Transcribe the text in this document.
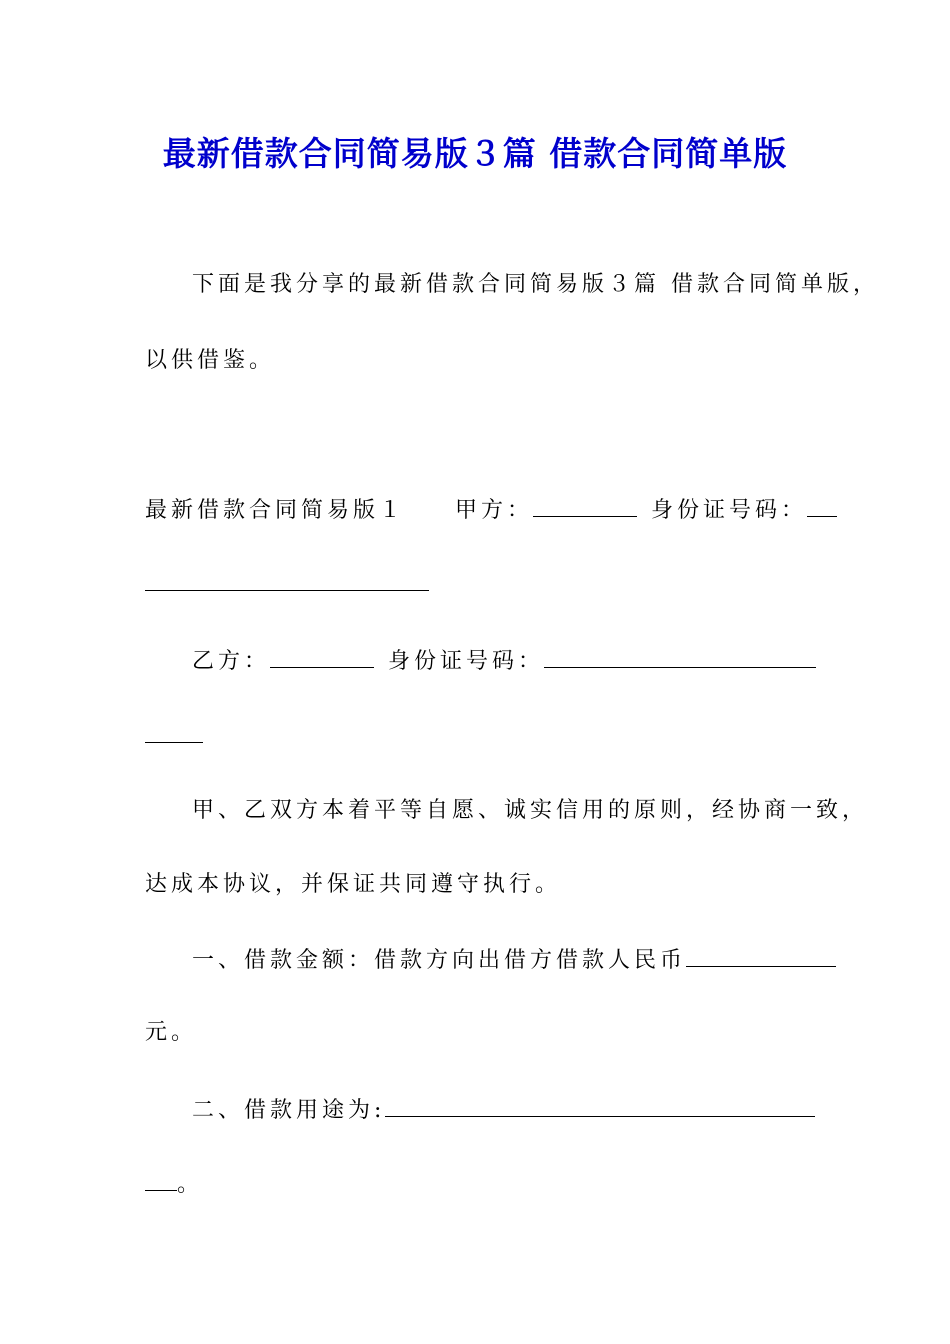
最新借款合同简易版３篇 借款合同简单版
下面是我分享的最新借款合同简易版３篇 借款合同简单版，
以供借鉴。
最新借款合同简易版１ 甲方：	身份证号码：
乙方：	身份证号码：
甲、乙双方本着平等自愿、诚实信用的原则，经协商一致，
达成本协议，并保证共同遵守执行。
一、借款金额：借款方向出借方借款人民币
元。
二、借款用途为:
。
